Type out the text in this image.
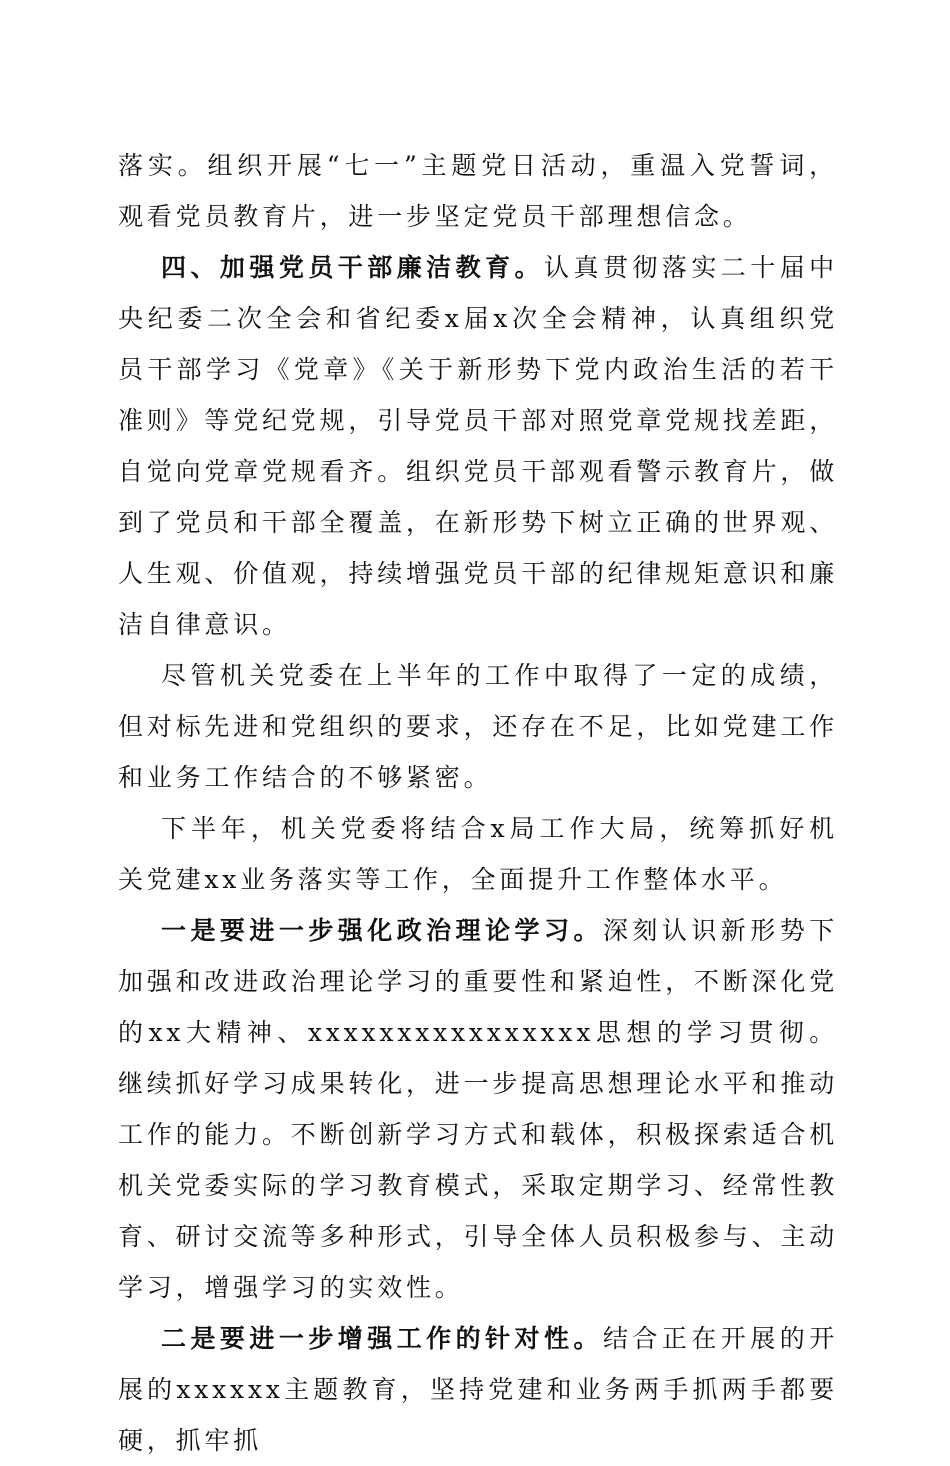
落实。组织开展“七一”主题党日活动，重温入党誓词，观看党员教育片，进一步坚定党员干部理想信念。

四、加强党员干部廉洁教育。认真贯彻落实二十届中央纪委二次全会和省纪委x届x次全会精神，认真组织党员干部学习《党章》《关于新形势下党内政治生活的若干准则》等党纪党规，引导党员干部对照党章党规找差距，自觉向党章党规看齐。组织党员干部观看警示教育片，做到了党员和干部全覆盖，在新形势下树立正确的世界观、人生观、价值观，持续增强党员干部的纪律规矩意识和廉洁自律意识。

尽管机关党委在上半年的工作中取得了一定的成绩，但对标先进和党组织的要求，还存在不足，比如党建工作和业务工作结合的不够紧密。

下半年，机关党委将结合x局工作大局，统筹抓好机关党建xx业务落实等工作，全面提升工作整体水平。

一是要进一步强化政治理论学习。深刻认识新形势下加强和改进政治理论学习的重要性和紧迫性，不断深化党的xx大精神、xxxxxxxxxxxxxxxx思想的学习贯彻。继续抓好学习成果转化，进一步提高思想理论水平和推动工作的能力。不断创新学习方式和载体，积极探索适合机机关党委实际的学习教育模式，采取定期学习、经常性教育、研讨交流等多种形式，引导全体人员积极参与、主动学习，增强学习的实效性。

二是要进一步增强工作的针对性。结合正在开展的开展的xxxxxx主题教育，坚持党建和业务两手抓两手都要硬，抓牢抓
